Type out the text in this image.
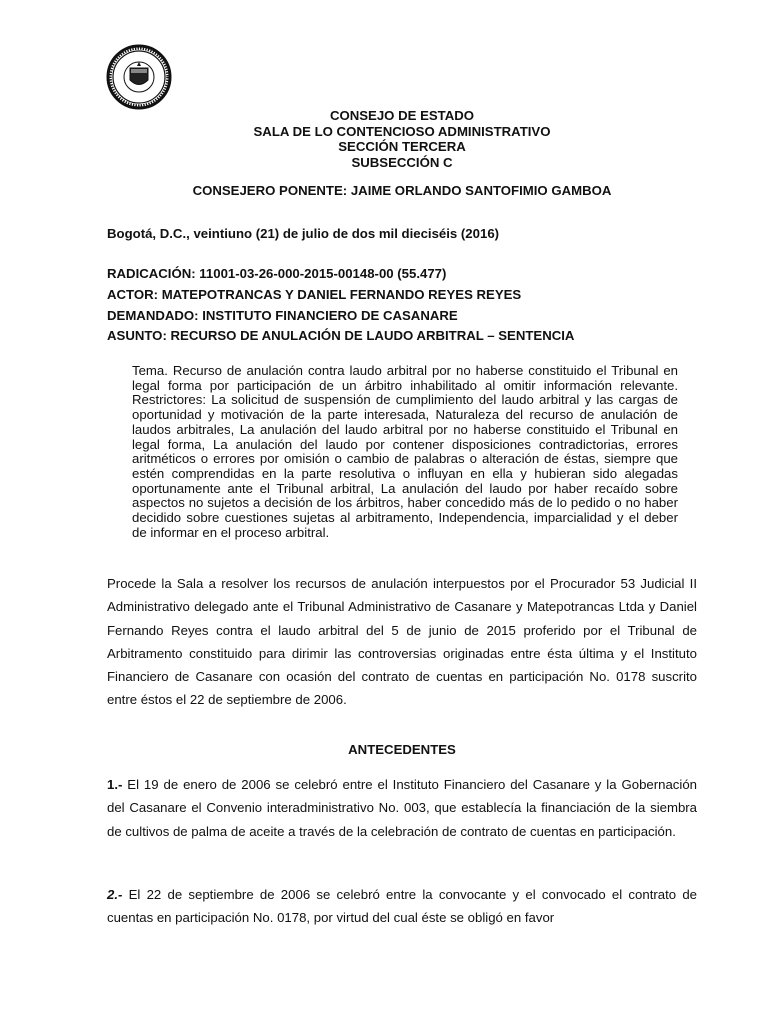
CONSEJO DE ESTADO
SALA DE LO CONTENCIOSO ADMINISTRATIVO
SECCIÓN TERCERA
SUBSECCIÓN C
CONSEJERO PONENTE: JAIME ORLANDO SANTOFIMIO GAMBOA
Bogotá, D.C., veintiuno (21) de julio de dos mil dieciséis (2016)
RADICACIÓN: 11001-03-26-000-2015-00148-00 (55.477)
ACTOR: MATEPOTRANCAS Y DANIEL FERNANDO REYES REYES
DEMANDADO: INSTITUTO FINANCIERO DE CASANARE
ASUNTO: RECURSO DE ANULACIÓN DE LAUDO ARBITRAL – SENTENCIA
Tema. Recurso de anulación contra laudo arbitral por no haberse constituido el Tribunal en legal forma por participación de un árbitro inhabilitado al omitir información relevante. Restrictores: La solicitud de suspensión de cumplimiento del laudo arbitral y las cargas de oportunidad y motivación de la parte interesada, Naturaleza del recurso de anulación de laudos arbitrales, La anulación del laudo arbitral por no haberse constituido el Tribunal en legal forma, La anulación del laudo por contener disposiciones contradictorias, errores aritméticos o errores por omisión o cambio de palabras o alteración de éstas, siempre que estén comprendidas en la parte resolutiva o influyan en ella y hubieran sido alegadas oportunamente ante el Tribunal arbitral, La anulación del laudo por haber recaído sobre aspectos no sujetos a decisión de los árbitros, haber concedido más de lo pedido o no haber decidido sobre cuestiones sujetas al arbitramento, Independencia, imparcialidad y el deber de informar en el proceso arbitral.
Procede la Sala a resolver los recursos de anulación interpuestos por el Procurador 53 Judicial II Administrativo delegado ante el Tribunal Administrativo de Casanare y Matepotrancas Ltda y Daniel Fernando Reyes contra el laudo arbitral del 5 de junio de 2015 proferido por el Tribunal de Arbitramento constituido para dirimir las controversias originadas entre ésta última y el Instituto Financiero de Casanare con ocasión del contrato de cuentas en participación No. 0178 suscrito entre éstos el 22 de septiembre de 2006.
ANTECEDENTES
1.- El 19 de enero de 2006 se celebró entre el Instituto Financiero del Casanare y la Gobernación del Casanare el Convenio interadministrativo No. 003, que establecía la financiación de la siembra de cultivos de palma de aceite a través de la celebración de contrato de cuentas en participación.
2.- El 22 de septiembre de 2006 se celebró entre la convocante y el convocado el contrato de cuentas en participación No. 0178, por virtud del cual éste se obligó en favor
